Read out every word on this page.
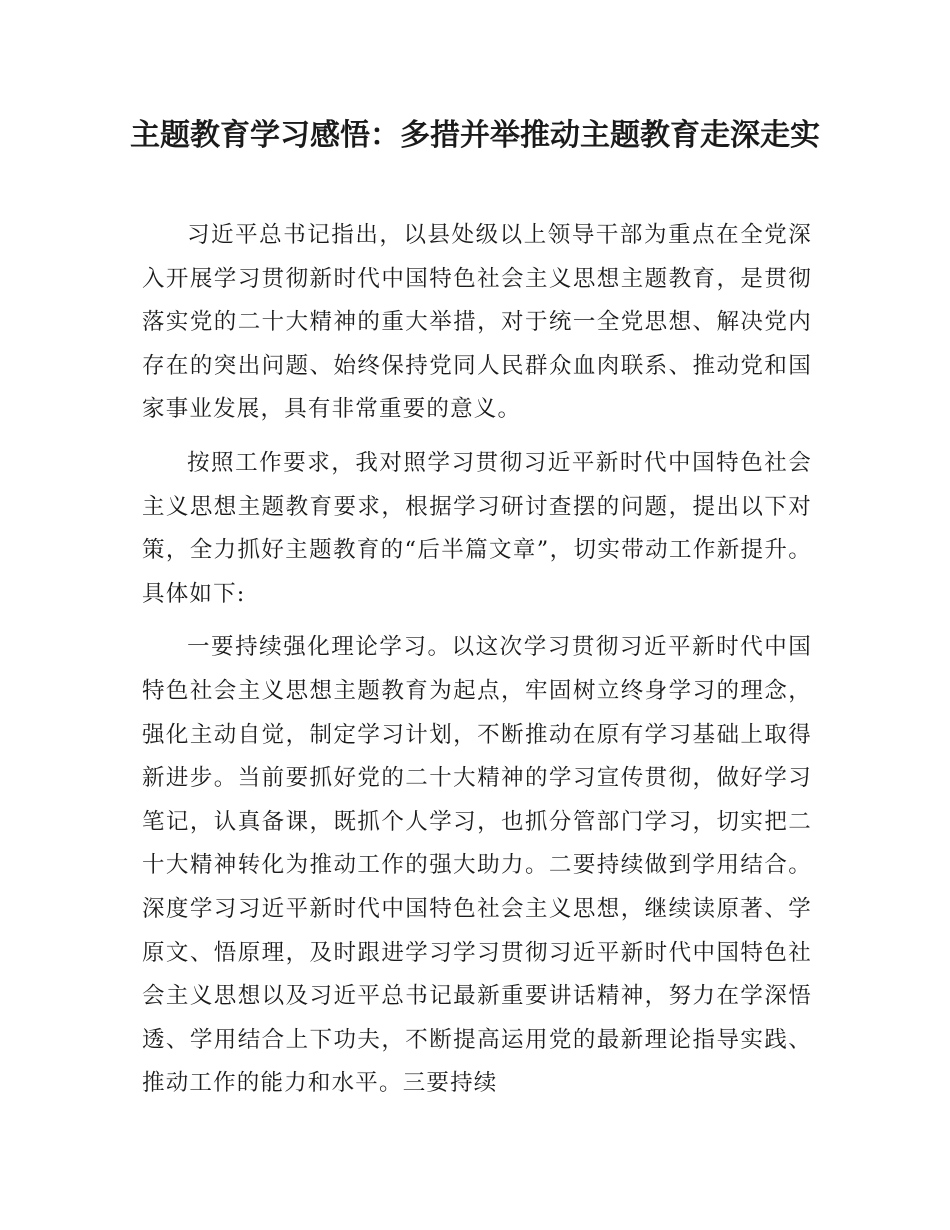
主题教育学习感悟：多措并举推动主题教育走深走实

习近平总书记指出，以县处级以上领导干部为重点在全党深入开展学习贯彻新时代中国特色社会主义思想主题教育，是贯彻落实党的二十大精神的重大举措，对于统一全党思想、解决党内存在的突出问题、始终保持党同人民群众血肉联系、推动党和国家事业发展，具有非常重要的意义。

按照工作要求，我对照学习贯彻习近平新时代中国特色社会主义思想主题教育要求，根据学习研讨查摆的问题，提出以下对策，全力抓好主题教育的“后半篇文章”，切实带动工作新提升。具体如下:

一要持续强化理论学习。以这次学习贯彻习近平新时代中国特色社会主义思想主题教育为起点，牢固树立终身学习的理念，强化主动自觉，制定学习计划，不断推动在原有学习基础上取得新进步。当前要抓好党的二十大精神的学习宣传贯彻，做好学习笔记，认真备课，既抓个人学习，也抓分管部门学习，切实把二十大精神转化为推动工作的强大助力。二要持续做到学用结合。深度学习习近平新时代中国特色社会主义思想，继续读原著、学原文、悟原理，及时跟进学习学习贯彻习近平新时代中国特色社会主义思想以及习近平总书记最新重要讲话精神，努力在学深悟透、学用结合上下功夫，不断提高运用党的最新理论指导实践、推动工作的能力和水平。三要持续
